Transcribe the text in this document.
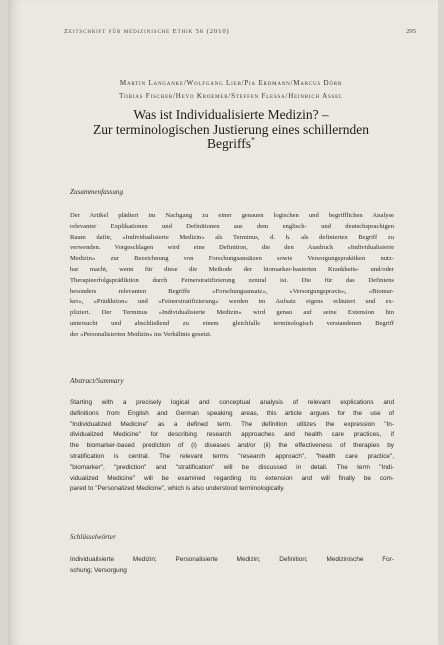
Zeitschrift für medizinische Ethik 56 (2010)	295
Martin Langanke/Wolfgang Lieb/Pia Erdmann/Marcus Dörr
Tobias Fischer/Heyo Kroemer/Steffen Flessa/Heinrich Assel
Was ist Individualisierte Medizin? –
Zur terminologischen Justierung eines schillernden
Begriffs*
Zusammenfassung
Der Artikel plädiert im Nachgang zu einer genauen logischen und begrifflichen Analyse
relevanter Explikationen und Definitionen aus dem englisch- und deutschsprachigen
Raum dafür, »Individualisierte Medizin« als Terminus, d. h. als definierten Begriff zu
verwenden. Vorgeschlagen wird eine Definition, die den Ausdruck »Individualisierte
Medizin« zur Bezeichnung von Forschungsansätzen sowie Versorgungspraktiken nutz-
bar macht, wenn für diese die Methode der biomarker-basierten Krankheits- und/oder
Therapieerfolgsprädiktion durch Feinerstratifizierung zentral ist. Die für das Definiens
besonders relevanten Begriffe »Forschungsansatz«, »Versorgungspraxis«, »Biomar-
ker«, »Prädiktion« und »Feinerstratifizierung« werden im Aufsatz eigens erläutert und ex-
pliziert. Der Terminus »Individualisierte Medizin« wird genau auf seine Extension hin
untersucht und abschließend zu einem gleichfalls terminologisch verstandenen Begriff
der »Personalisierten Medizin« ins Verhältnis gesetzt.
Abstract/Summary
Starting with a precisely logical and conceptual analysis of relevant explications and
definitions from English and German speaking areas, this article argues for the use of
"Individualized Medicine" as a defined term. The definition utilizes the expression "In-
dividualized Medicine" for describing research approaches and health care practices, if
the biomarker-based prediction of (i) diseases and/or (ii) the effectiveness of therapies by
stratification is central. The relevant terms "research approach", "health care practice",
"biomarker", "prediction" and "stratification" will be discussed in detail. The term "Indi-
vidualized Medicine" will be examined regarding its extension and will finally be com-
pared to "Personalized Medicine", which is also understood terminologically.
Schlüsselwörter
Individualisierte Medizin; Personalisierte Medizin; Definition; Medizinische For-
schung; Versorgung
